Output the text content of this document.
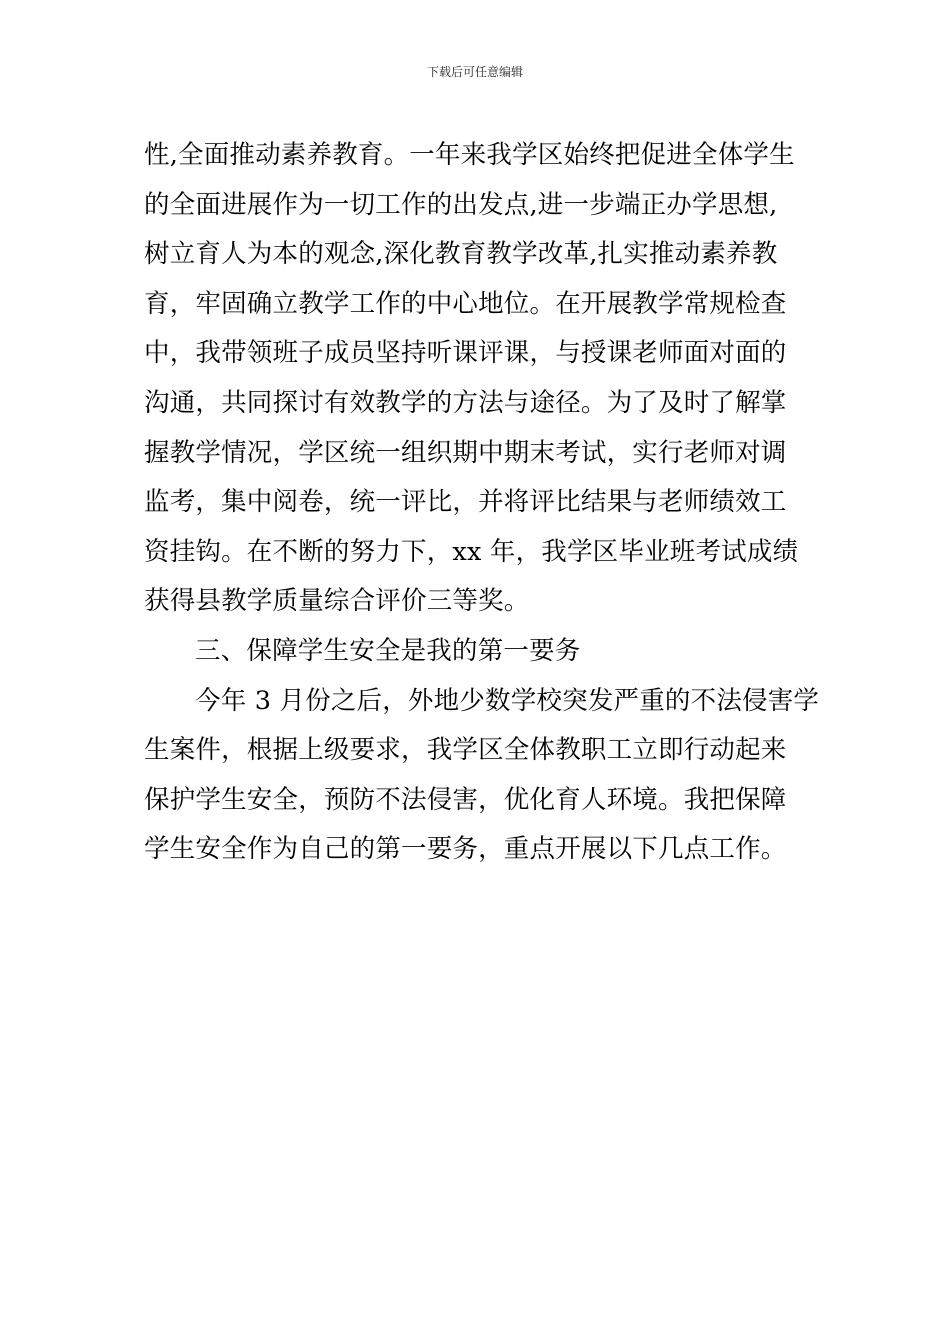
下载后可任意编辑
性,全面推动素养教育。一年来我学区始终把促进全体学生
的全面进展作为一切工作的出发点,进一步端正办学思想,
树立育人为本的观念,深化教育教学改革,扎实推动素养教
育，牢固确立教学工作的中心地位。在开展教学常规检查
中，我带领班子成员坚持听课评课，与授课老师面对面的
沟通，共同探讨有效教学的方法与途径。为了及时了解掌
握教学情况，学区统一组织期中期末考试，实行老师对调
监考，集中阅卷，统一评比，并将评比结果与老师绩效工
资挂钩。在不断的努力下，xx 年，我学区毕业班考试成绩
获得县教学质量综合评价三等奖。
三、保障学生安全是我的第一要务
今年 3 月份之后，外地少数学校突发严重的不法侵害学
生案件，根据上级要求，我学区全体教职工立即行动起来
保护学生安全，预防不法侵害，优化育人环境。我把保障
学生安全作为自己的第一要务，重点开展以下几点工作。
